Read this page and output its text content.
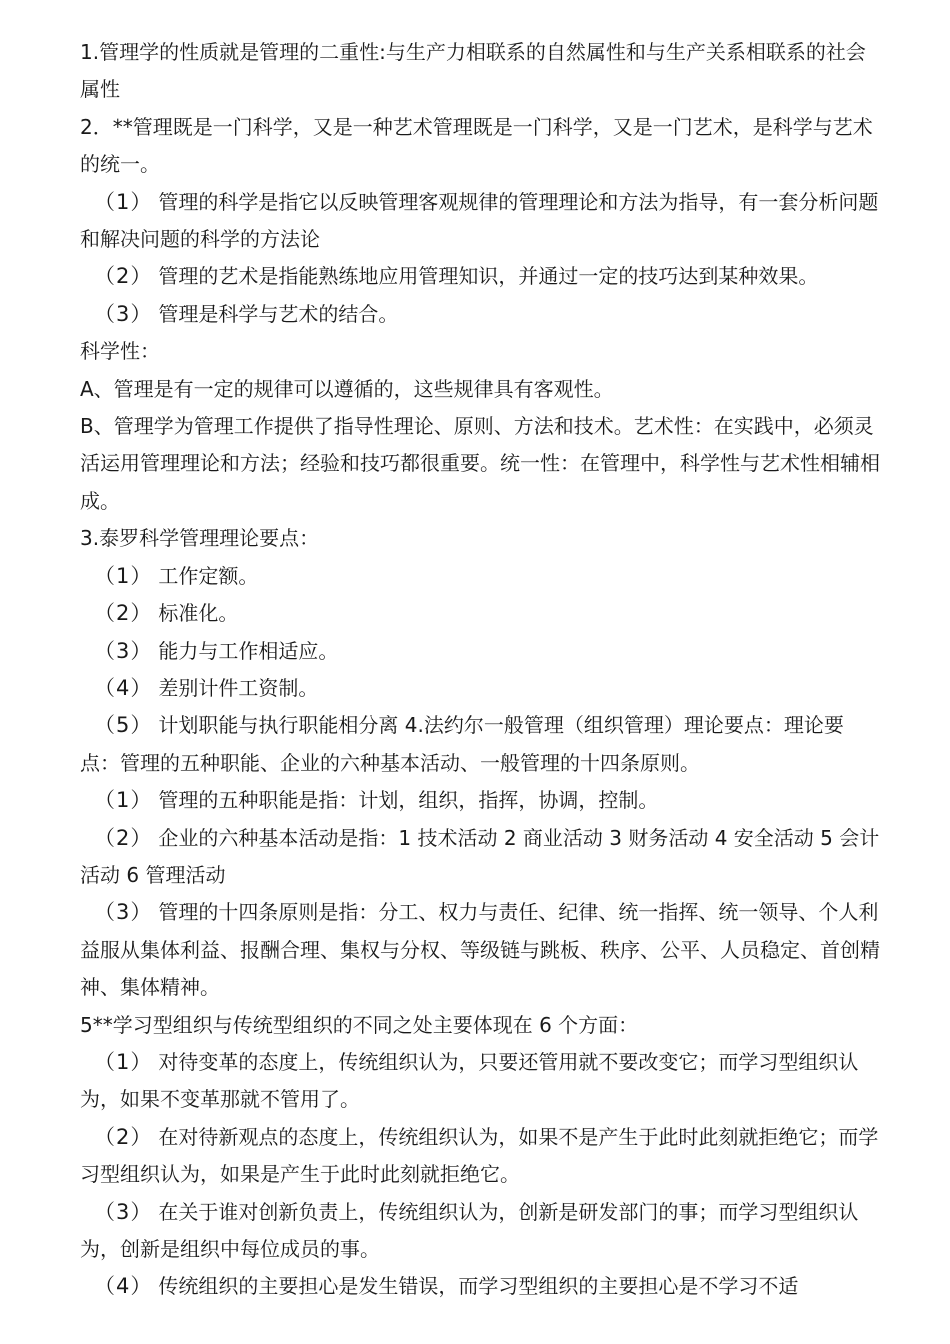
1.管理学的性质就是管理的二重性:与生产力相联系的自然属性和与生产关系相联系的社会属性

2．**管理既是一门科学，又是一种艺术管理既是一门科学，又是一门艺术，是科学与艺术的统一。

（1） 管理的科学是指它以反映管理客观规律的管理理论和方法为指导，有一套分析问题和解决问题的科学的方法论

（2） 管理的艺术是指能熟练地应用管理知识，并通过一定的技巧达到某种效果。

（3） 管理是科学与艺术的结合。

科学性：

A、管理是有一定的规律可以遵循的，这些规律具有客观性。

B、管理学为管理工作提供了指导性理论、原则、方法和技术。艺术性：在实践中，必须灵活运用管理理论和方法；经验和技巧都很重要。统一性：在管理中，科学性与艺术性相辅相成。

3.泰罗科学管理理论要点：

（1） 工作定额。

（2） 标准化。

（3） 能力与工作相适应。

（4） 差别计件工资制。

（5） 计划职能与执行职能相分离 4.法约尔一般管理（组织管理）理论要点：理论要点：管理的五种职能、企业的六种基本活动、一般管理的十四条原则。

（1） 管理的五种职能是指：计划，组织，指挥，协调，控制。

（2） 企业的六种基本活动是指：1 技术活动 2 商业活动 3 财务活动 4 安全活动 5 会计活动 6 管理活动

（3） 管理的十四条原则是指：分工、权力与责任、纪律、统一指挥、统一领导、个人利益服从集体利益、报酬合理、集权与分权、等级链与跳板、秩序、公平、人员稳定、首创精神、集体精神。

5**学习型组织与传统型组织的不同之处主要体现在 6 个方面：

（1） 对待变革的态度上，传统组织认为，只要还管用就不要改变它；而学习型组织认为，如果不变革那就不管用了。

（2） 在对待新观点的态度上，传统组织认为，如果不是产生于此时此刻就拒绝它；而学习型组织认为，如果是产生于此时此刻就拒绝它。

（3） 在关于谁对创新负责上，传统组织认为，创新是研发部门的事；而学习型组织认为，创新是组织中每位成员的事。

（4） 传统组织的主要担心是发生错误，而学习型组织的主要担心是不学习不适
